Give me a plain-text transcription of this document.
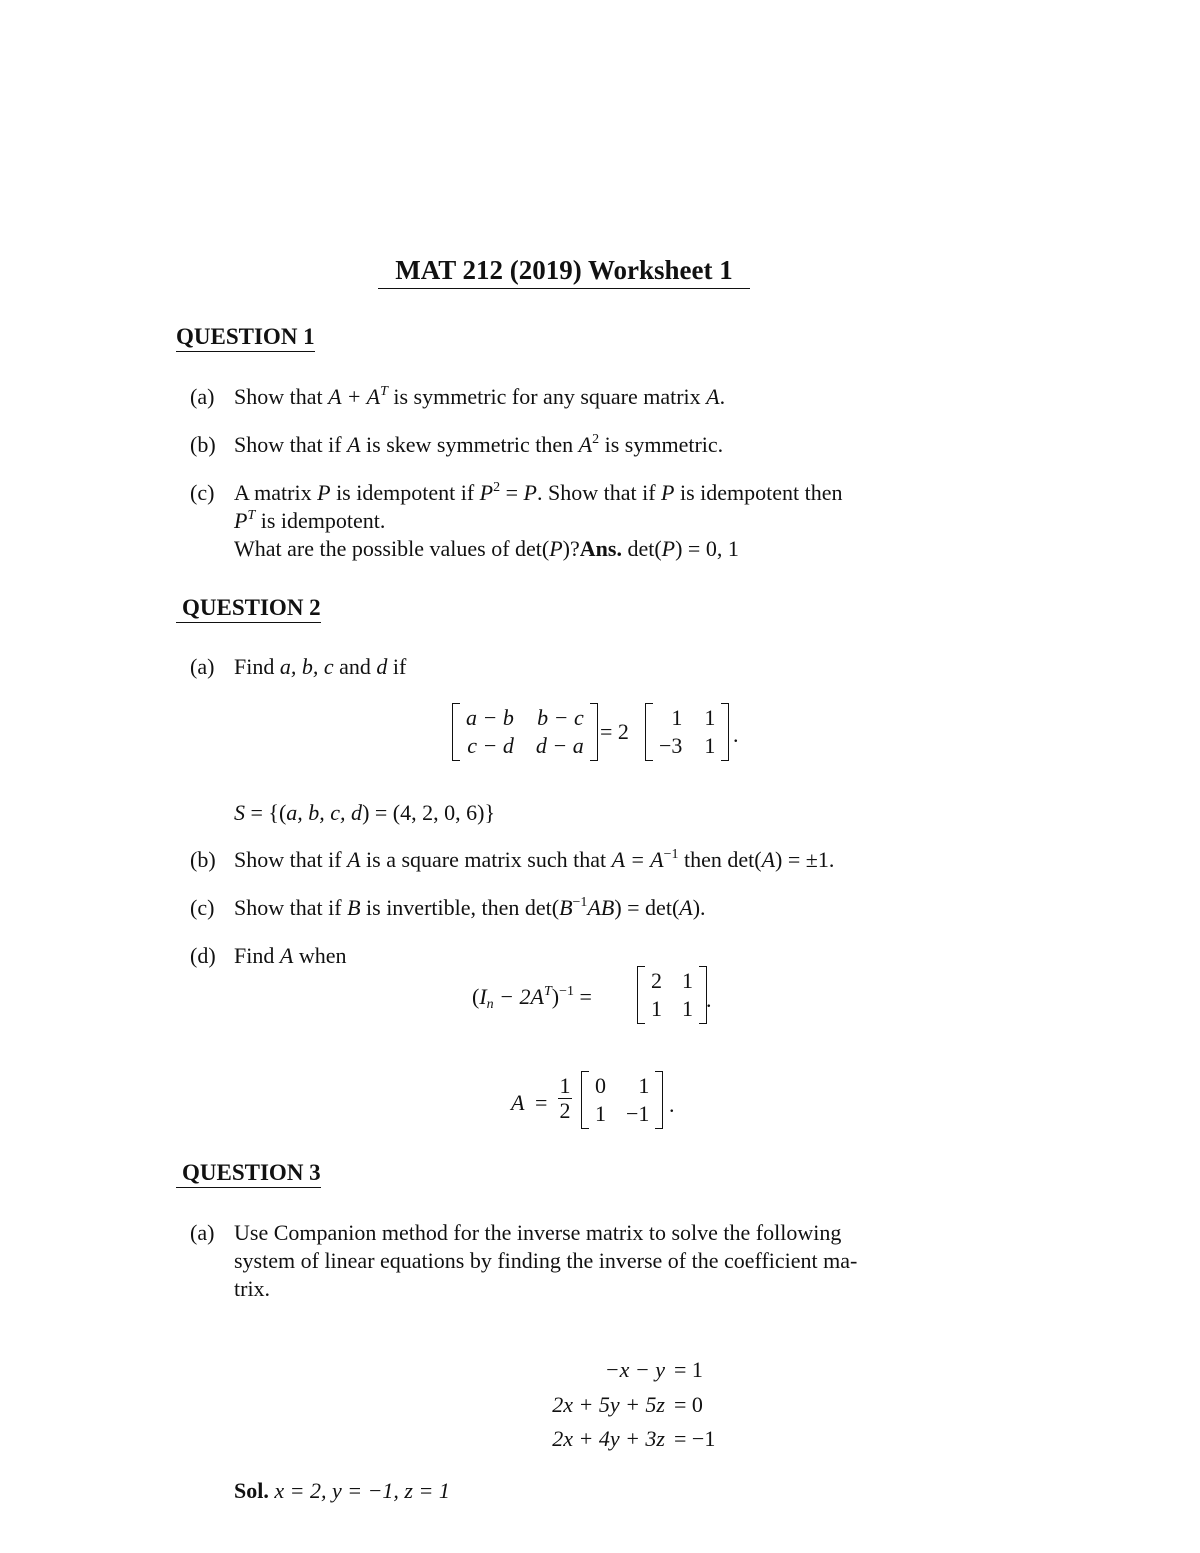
MAT 212 (2019) Worksheet 1
QUESTION 1
(a) Show that $A + A^T$ is symmetric for any square matrix A.
(b) Show that if A is skew symmetric then $A^2$ is symmetric.
(c) A matrix P is idempotent if $P^2 = P$. Show that if P is idempotent then
$P^T$ is idempotent.
What are the possible values of det(P)?Ans. det(P) = 0, 1
QUESTION 2
(a) Find a, b, c and d if
a − b b − c
c − d d − a
= 2
1 1
−3 1 .
S = {(a, b, c, d) = (4, 2, 0, 6)}
(b) Show that if A is a square matrix such that $A = A^{-1}$ then det(A) = ±1.
(c) Show that if B is invertible, then $\det(B^{-1}AB) = \det(A)$.
(d) Find A when
$(I_n - 2A^T)^{-1}$ =
2 1
1 1 .
A =
1
2
0	1
1 −1 .
QUESTION 3
(a) Use Companion method for the inverse matrix to solve the following
system of linear equations by finding the inverse of the coefficient ma-
trix.
−x − y = 1
2x + 5y + 5z = 0
2x + 4y + 3z = −1
Sol. x = 2, y = −1, z = 1
